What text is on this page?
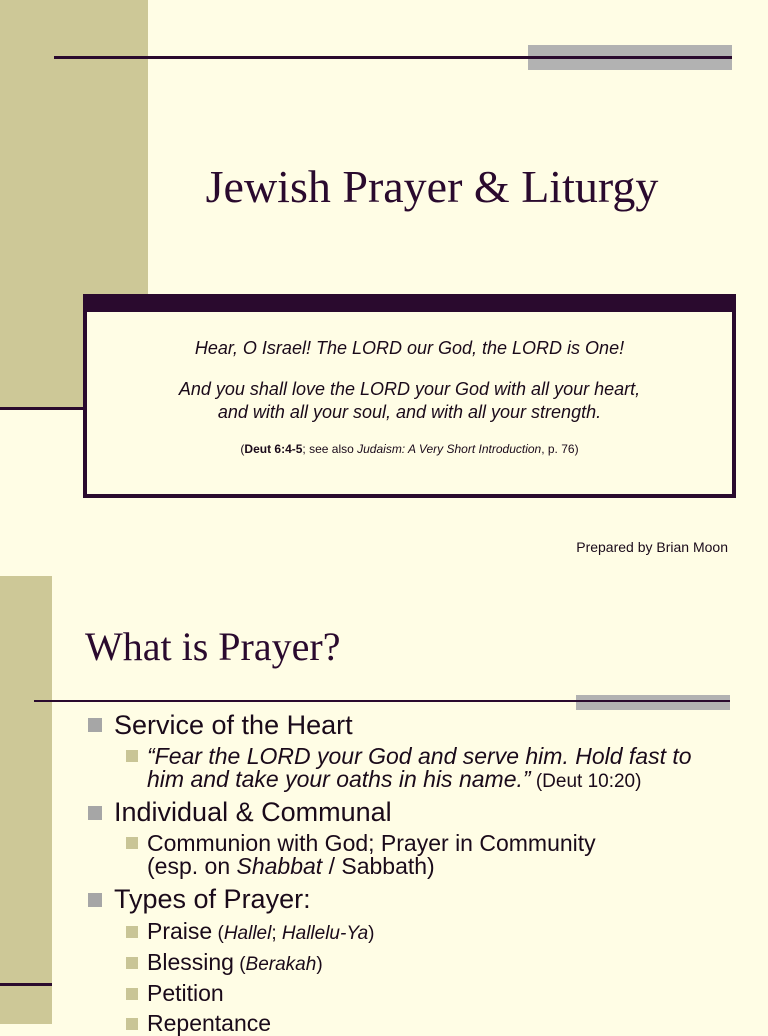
Jewish Prayer & Liturgy
Hear, O Israel! The LORD our God, the LORD is One!
And you shall love the LORD your God with all your heart,
and with all your soul, and with all your strength.
(Deut 6:4-5; see also Judaism: A Very Short Introduction, p. 76)
Prepared by Brian Moon
What is Prayer?
Service of the Heart
“Fear the LORD your God and serve him. Hold fast to
him and take your oaths in his name.” (Deut 10:20)
Individual & Communal
Communion with God; Prayer in Community
(esp. on Shabbat / Sabbath)
Types of Prayer:
Praise (Hallel; Hallelu-Ya)
Blessing (Berakah)
Petition
Repentance
